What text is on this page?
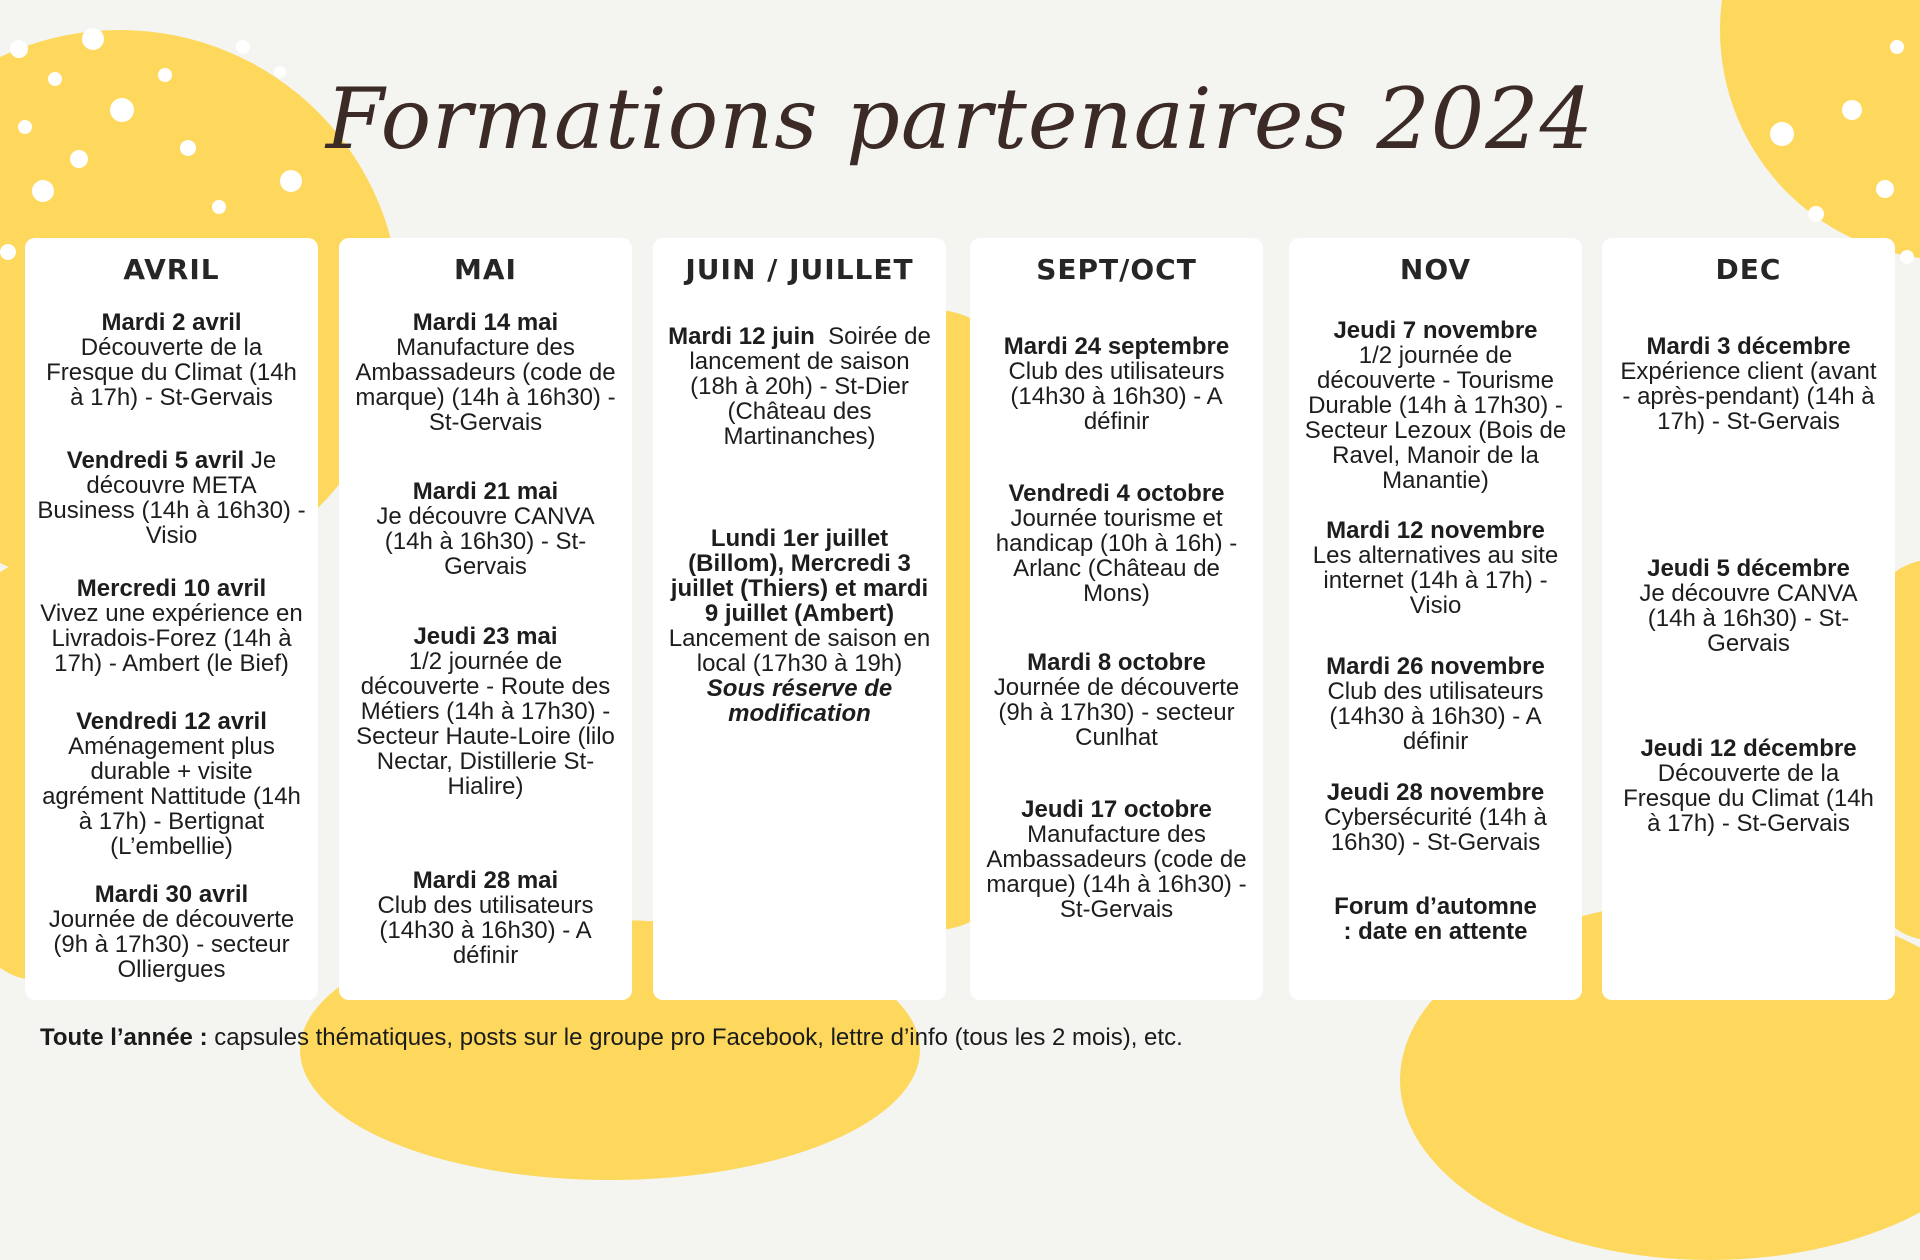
Formations partenaires 2024
AVRIL
Mardi 2 avril
Découverte de la Fresque du Climat (14h à 17h) - St-Gervais
Vendredi 5 avril Je découvre META Business (14h à 16h30) - Visio
Mercredi 10 avril
Vivez une expérience en Livradois-Forez (14h à 17h) - Ambert (le Bief)
Vendredi 12 avril
Aménagement plus durable + visite agrément Nattitude (14h à 17h) - Bertignat (L’embellie)
Mardi 30 avril
Journée de découverte (9h à 17h30) - secteur Olliergues
MAI
Mardi 14 mai
Manufacture des Ambassadeurs (code de marque) (14h à 16h30) - St-Gervais
Mardi 21 mai
Je découvre CANVA (14h à 16h30) - St-Gervais
Jeudi 23 mai
1/2 journée de découverte - Route des Métiers (14h à 17h30) - Secteur Haute-Loire (lilo Nectar, Distillerie St-Hialire)
Mardi 28 mai
Club des utilisateurs (14h30 à 16h30) - A définir
JUIN / JUILLET
Mardi 12 juin Soirée de lancement de saison (18h à 20h) - St-Dier (Château des Martinanches)
Lundi 1er juillet (Billom), Mercredi 3 juillet (Thiers) et mardi 9 juillet (Ambert)
Lancement de saison en local (17h30 à 19h)
Sous réserve de modification
SEPT/OCT
Mardi 24 septembre
Club des utilisateurs (14h30 à 16h30) - A définir
Vendredi 4 octobre
Journée tourisme et handicap (10h à 16h) - Arlanc (Château de Mons)
Mardi 8 octobre
Journée de découverte (9h à 17h30) - secteur Cunlhat
Jeudi 17 octobre
Manufacture des Ambassadeurs (code de marque) (14h à 16h30) - St-Gervais
NOV
Jeudi 7 novembre
1/2 journée de découverte - Tourisme Durable (14h à 17h30) - Secteur Lezoux (Bois de Ravel, Manoir de la Manantie)
Mardi 12 novembre
Les alternatives au site internet (14h à 17h) - Visio
Mardi 26 novembre
Club des utilisateurs (14h30 à 16h30) - A définir
Jeudi 28 novembre
Cybersécurité (14h à 16h30) - St-Gervais
Forum d’automne : date en attente
DEC
Mardi 3 décembre
Expérience client (avant - après-pendant) (14h à 17h) - St-Gervais
Jeudi 5 décembre
Je découvre CANVA (14h à 16h30) - St-Gervais
Jeudi 12 décembre
Découverte de la Fresque du Climat (14h à 17h) - St-Gervais
Toute l’année : capsules thématiques, posts sur le groupe pro Facebook, lettre d’info (tous les 2 mois), etc.
